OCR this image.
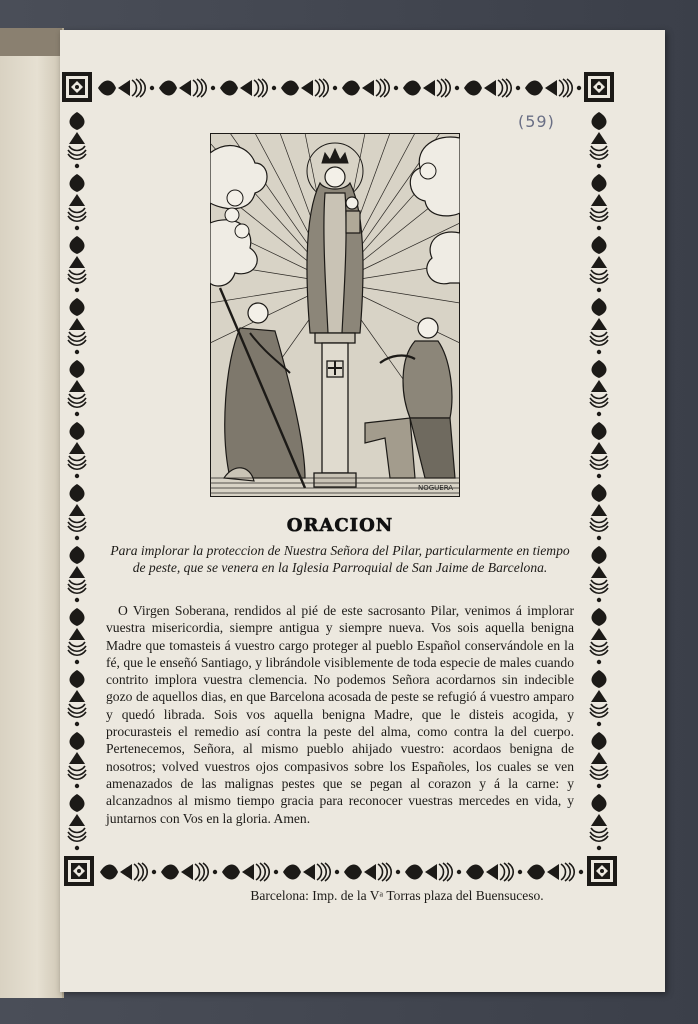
(59)
NOGUERA
ORACION
Para implorar la proteccion de Nuestra Señora del Pilar, particularmente en tiempo de peste, que se venera en la Iglesia Parroquial de San Jaime de Barcelona.
O Virgen Soberana, rendidos al pié de este sacrosanto Pilar, venimos á implorar vuestra misericordia, siempre antigua y siempre nueva. Vos sois aquella benigna Madre que tomasteis á vuestro cargo proteger al pueblo Español conservándole en la fé, que le enseñó Santiago, y librándole visiblemente de toda especie de males cuando contrito implora vuestra clemencia. No podemos Señora acordarnos sin indecible gozo de aquellos dias, en que Barcelona acosada de peste se refugió á vuestro amparo y quedó librada. Sois vos aquella benigna Madre, que le disteis acogida, y procurasteis el remedio así contra la peste del alma, como contra la del cuerpo. Pertenecemos, Señora, al mismo pueblo ahijado vuestro: acordaos benigna de nosotros; volved vuestros ojos compasivos sobre los Españoles, los cuales se ven amenazados de las malignas pestes que se pegan al corazon y á la carne: y alcanzadnos al mismo tiempo gracia para reconocer vuestras mercedes en vida, y juntarnos con Vos en la gloria. Amen.
Barcelona: Imp. de la Vᵃ Torras plaza del Buensuceso.
